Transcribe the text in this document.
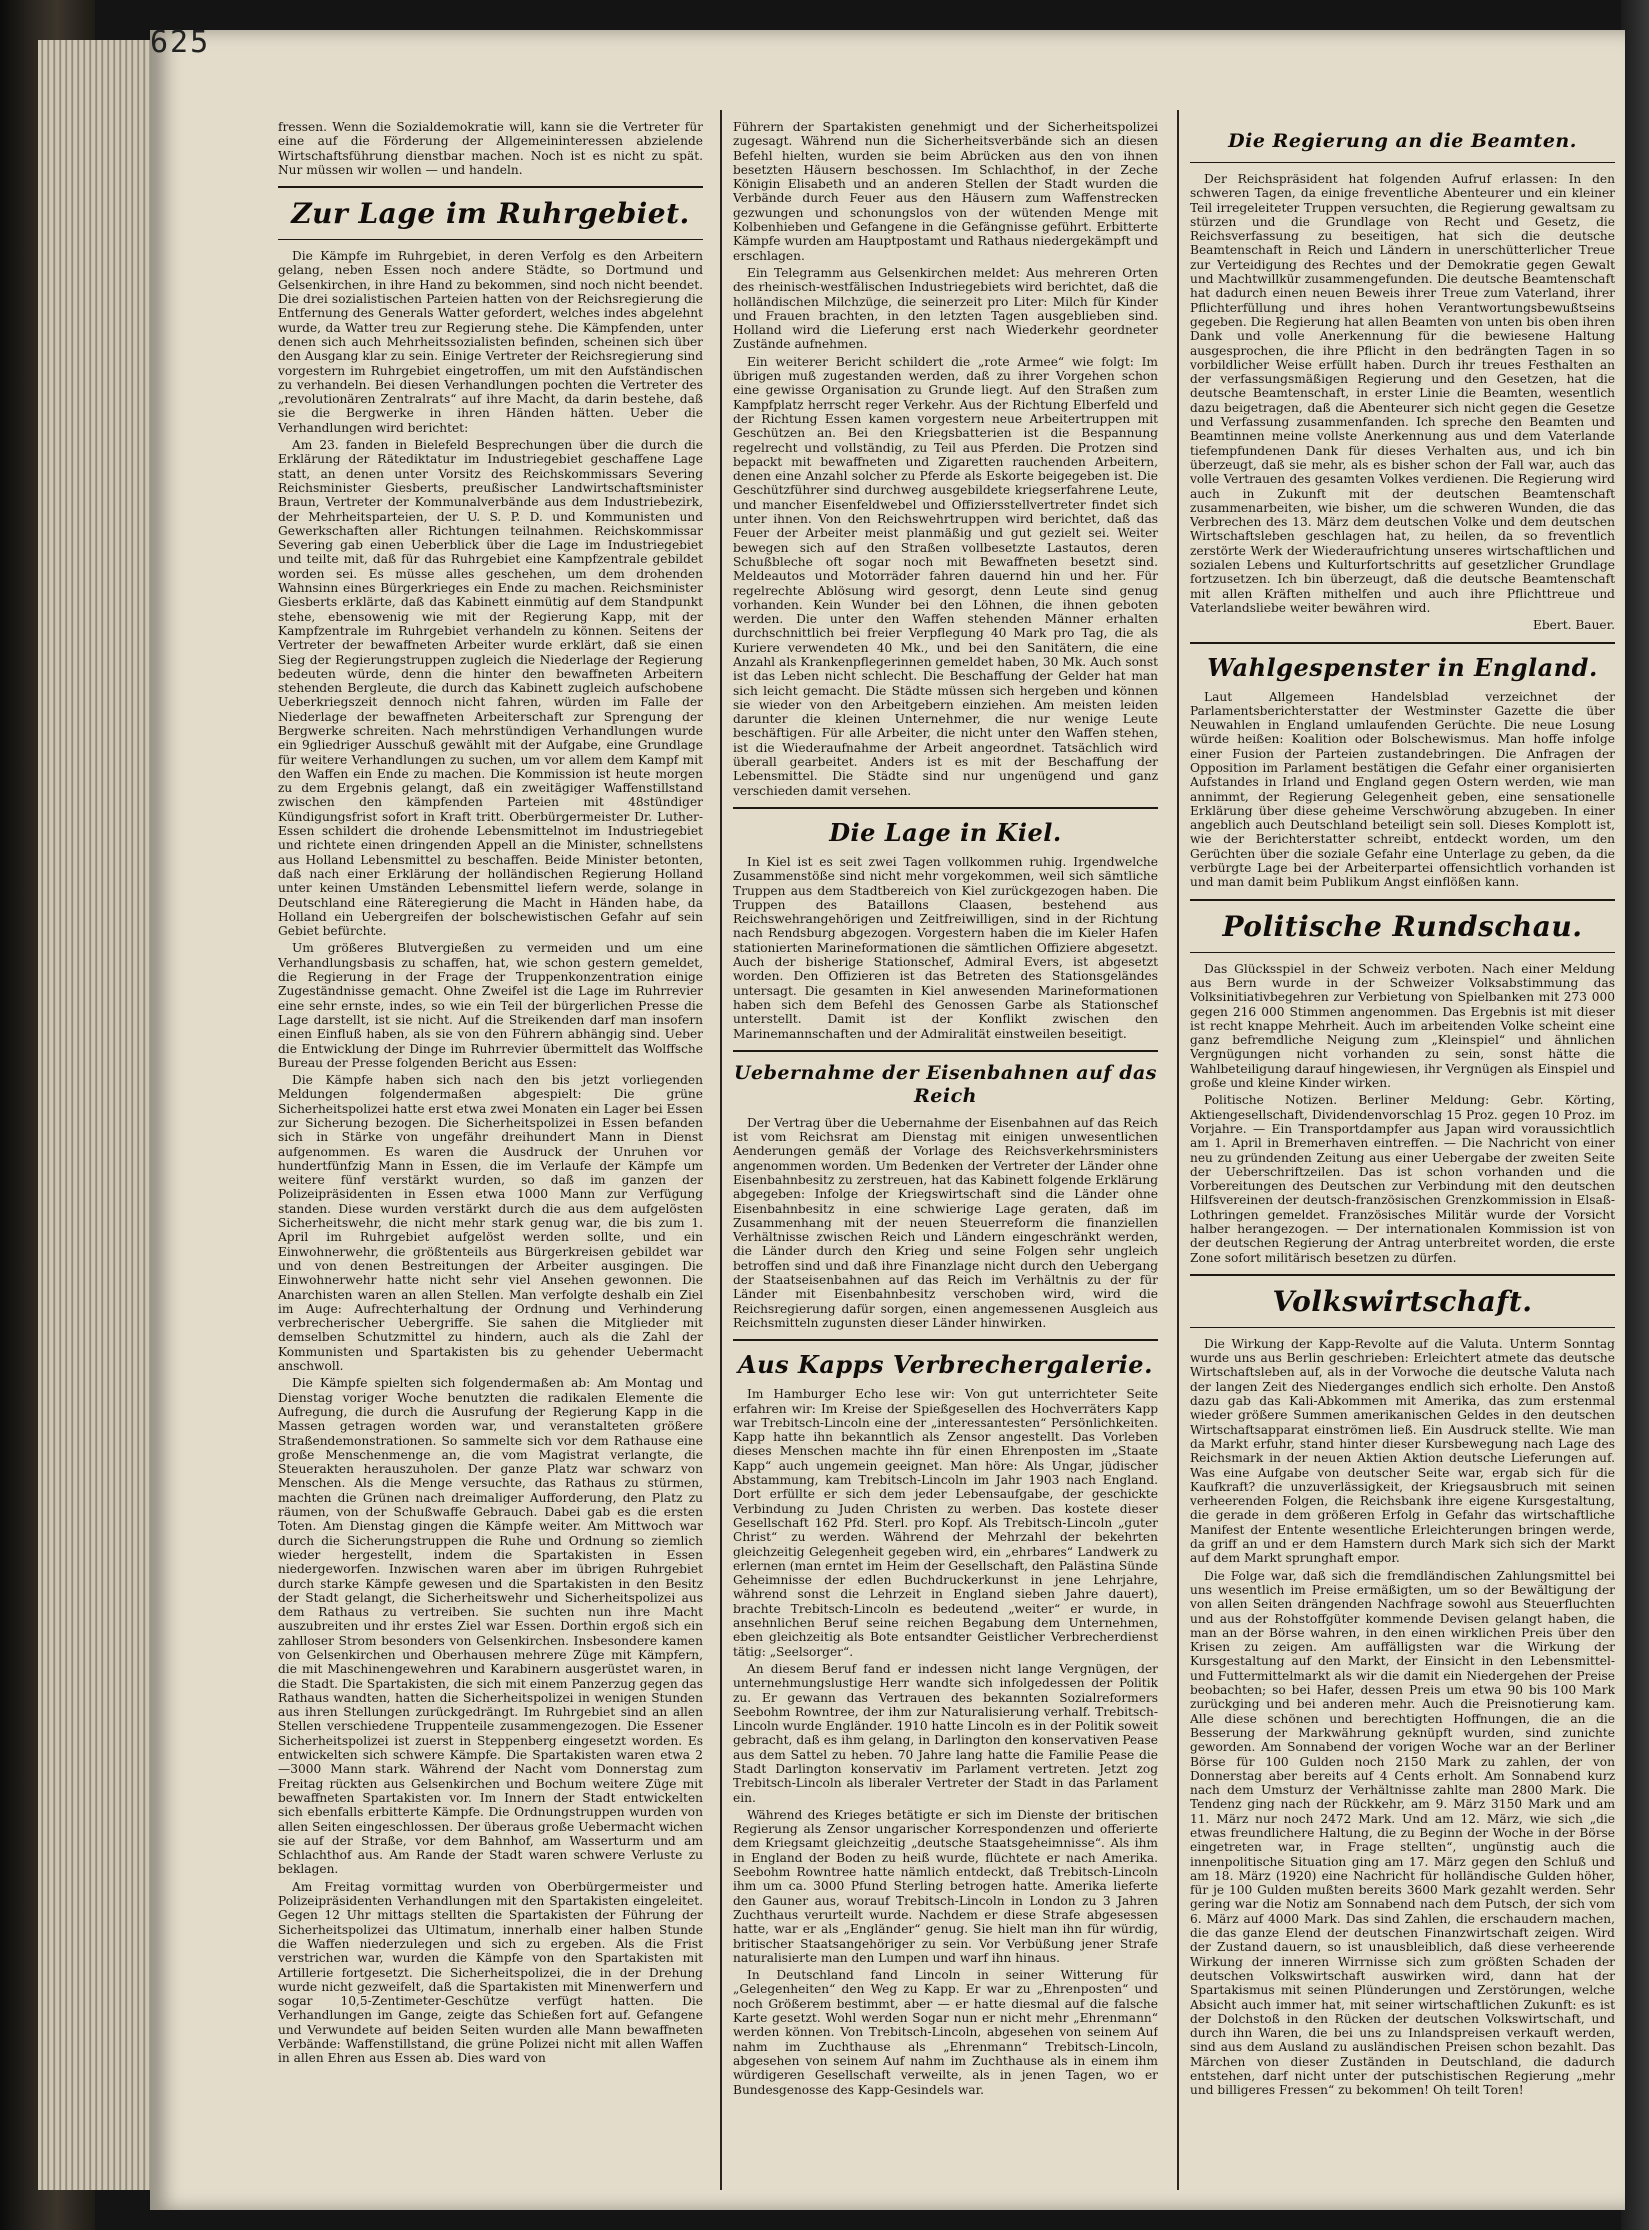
fressen. Wenn die Sozialdemokratie will, kann sie die Vertreter für eine auf die Förderung der Allgemeininteressen abzielende Wirtschaftsführung dienstbar machen. Noch ist es nicht zu spät. Nur müssen wir wollen — und handeln.

Zur Lage im Ruhrgebiet.

Die Kämpfe im Ruhrgebiet, in deren Verfolg es den Arbeitern gelang, neben Essen noch andere Städte, so Dortmund und Gelsenkirchen, in ihre Hand zu bekommen, sind noch nicht beendet. Die drei sozialistischen Parteien hatten von der Reichsregierung die Entfernung des Generals Watter gefordert, welches indes abgelehnt wurde, da Watter treu zur Regierung stehe. Die Kämpfenden, unter denen sich auch Mehrheitssozialisten befinden, scheinen sich über den Ausgang klar zu sein. Einige Vertreter der Reichsregierung sind vorgestern im Ruhrgebiet eingetroffen, um mit den Aufständischen zu verhandeln. Bei diesen Verhandlungen pochten die Vertreter des „revolutionären Zentralrats“ auf ihre Macht, da darin bestehe, daß sie die Bergwerke in ihren Händen hätten. Ueber die Verhandlungen wird berichtet:

Am 23. fanden in Bielefeld Besprechungen über die durch die Erklärung der Rätediktatur im Industriegebiet geschaffene Lage statt, an denen unter Vorsitz des Reichskommissars Severing Reichsminister Giesberts, preußischer Landwirtschaftsminister Braun, Vertreter der Kommunalverbände aus dem Industriebezirk, der Mehrheitsparteien, der U. S. P. D. und Kommunisten und Gewerkschaften aller Richtungen teilnahmen. Reichskommissar Severing gab einen Ueberblick über die Lage im Industriegebiet und teilte mit, daß für das Ruhrgebiet eine Kampfzentrale gebildet worden sei. Es müsse alles geschehen, um dem drohenden Wahnsinn eines Bürgerkrieges ein Ende zu machen. Reichsminister Giesberts erklärte, daß das Kabinett einmütig auf dem Standpunkt stehe, ebensowenig wie mit der Regierung Kapp, mit der Kampfzentrale im Ruhrgebiet verhandeln zu können. Seitens der Vertreter der bewaffneten Arbeiter wurde erklärt, daß sie einen Sieg der Regierungstruppen zugleich die Niederlage der Regierung bedeuten würde, denn die hinter den bewaffneten Arbeitern stehenden Bergleute, die durch das Kabinett zugleich aufschobene Ueberkriegszeit dennoch nicht fahren, würden im Falle der Niederlage der bewaffneten Arbeiterschaft zur Sprengung der Bergwerke schreiten. Nach mehrstündigen Verhandlungen wurde ein 9gliedriger Ausschuß gewählt mit der Aufgabe, eine Grundlage für weitere Verhandlungen zu suchen, um vor allem dem Kampf mit den Waffen ein Ende zu machen. Die Kommission ist heute morgen zu dem Ergebnis gelangt, daß ein zweitägiger Waffenstillstand zwischen den kämpfenden Parteien mit 48stündiger Kündigungsfrist sofort in Kraft tritt. Oberbürgermeister Dr. Luther-Essen schildert die drohende Lebensmittelnot im Industriegebiet und richtete einen dringenden Appell an die Minister, schnellstens aus Holland Lebensmittel zu beschaffen. Beide Minister betonten, daß nach einer Erklärung der holländischen Regierung Holland unter keinen Umständen Lebensmittel liefern werde, solange in Deutschland eine Räteregierung die Macht in Händen habe, da Holland ein Uebergreifen der bolschewistischen Gefahr auf sein Gebiet befürchte.

Um größeres Blutvergießen zu vermeiden und um eine Verhandlungsbasis zu schaffen, hat, wie schon gestern gemeldet, die Regierung in der Frage der Truppenkonzentration einige Zugeständnisse gemacht. Ohne Zweifel ist die Lage im Ruhrrevier eine sehr ernste, indes, so wie ein Teil der bürgerlichen Presse die Lage darstellt, ist sie nicht. Auf die Streikenden darf man insofern einen Einfluß haben, als sie von den Führern abhängig sind. Ueber die Entwicklung der Dinge im Ruhrrevier übermittelt das Wolffsche Bureau der Presse folgenden Bericht aus Essen:

Die Kämpfe haben sich nach den bis jetzt vorliegenden Meldungen folgendermaßen abgespielt: Die grüne Sicherheitspolizei hatte erst etwa zwei Monaten ein Lager bei Essen zur Sicherung bezogen. Die Sicherheitspolizei in Essen befanden sich in Stärke von ungefähr dreihundert Mann in Dienst aufgenommen. Es waren die Ausdruck der Unruhen vor hundertfünfzig Mann in Essen, die im Verlaufe der Kämpfe um weitere fünf verstärkt wurden, so daß im ganzen der Polizeipräsidenten in Essen etwa 1000 Mann zur Verfügung standen. Diese wurden verstärkt durch die aus dem aufgelösten Sicherheitswehr, die nicht mehr stark genug war, die bis zum 1. April im Ruhrgebiet aufgelöst werden sollte, und ein Einwohnerwehr, die größtenteils aus Bürgerkreisen gebildet war und von denen Bestreitungen der Arbeiter ausgingen. Die Einwohnerwehr hatte nicht sehr viel Ansehen gewonnen. Die Anarchisten waren an allen Stellen. Man verfolgte deshalb ein Ziel im Auge: Aufrechterhaltung der Ordnung und Verhinderung verbrecherischer Uebergriffe. Sie sahen die Mitglieder mit demselben Schutzmittel zu hindern, auch als die Zahl der Kommunisten und Spartakisten bis zu gehender Uebermacht anschwoll.

Die Kämpfe spielten sich folgendermaßen ab: Am Montag und Dienstag voriger Woche benutzten die radikalen Elemente die Aufregung, die durch die Ausrufung der Regierung Kapp in die Massen getragen worden war, und veranstalteten größere Straßendemonstrationen. So sammelte sich vor dem Rathause eine große Menschenmenge an, die vom Magistrat verlangte, die Steuerakten herauszuholen. Der ganze Platz war schwarz von Menschen. Als die Menge versuchte, das Rathaus zu stürmen, machten die Grünen nach dreimaliger Aufforderung, den Platz zu räumen, von der Schußwaffe Gebrauch. Dabei gab es die ersten Toten. Am Dienstag gingen die Kämpfe weiter. Am Mittwoch war durch die Sicherungstruppen die Ruhe und Ordnung so ziemlich wieder hergestellt, indem die Spartakisten in Essen niedergeworfen. Inzwischen waren aber im übrigen Ruhrgebiet durch starke Kämpfe gewesen und die Spartakisten in den Besitz der Stadt gelangt, die Sicherheitswehr und Sicherheitspolizei aus dem Rathaus zu vertreiben. Sie suchten nun ihre Macht auszubreiten und ihr erstes Ziel war Essen. Dorthin ergoß sich ein zahlloser Strom besonders von Gelsenkirchen. Insbesondere kamen von Gelsenkirchen und Oberhausen mehrere Züge mit Kämpfern, die mit Maschinengewehren und Karabinern ausgerüstet waren, in die Stadt. Die Spartakisten, die sich mit einem Panzerzug gegen das Rathaus wandten, hatten die Sicherheitspolizei in wenigen Stunden aus ihren Stellungen zurückgedrängt. Im Ruhrgebiet sind an allen Stellen verschiedene Truppenteile zusammengezogen. Die Essener Sicherheitspolizei ist zuerst in Steppenberg eingesetzt worden. Es entwickelten sich schwere Kämpfe. Die Spartakisten waren etwa 2—3000 Mann stark. Während der Nacht vom Donnerstag zum Freitag rückten aus Gelsenkirchen und Bochum weitere Züge mit bewaffneten Spartakisten vor. Im Innern der Stadt entwickelten sich ebenfalls erbitterte Kämpfe. Die Ordnungstruppen wurden von allen Seiten eingeschlossen. Der überaus große Uebermacht wichen sie auf der Straße, vor dem Bahnhof, am Wasserturm und am Schlachthof aus. Am Rande der Stadt waren schwere Verluste zu beklagen.

Am Freitag vormittag wurden von Oberbürgermeister und Polizeipräsidenten Verhandlungen mit den Spartakisten eingeleitet. Gegen 12 Uhr mittags stellten die Spartakisten der Führung der Sicherheitspolizei das Ultimatum, innerhalb einer halben Stunde die Waffen niederzulegen und sich zu ergeben. Als die Frist verstrichen war, wurden die Kämpfe von den Spartakisten mit Artillerie fortgesetzt. Die Sicherheitspolizei, die in der Drehung wurde nicht gezweifelt, daß die Spartakisten mit Minenwerfern und sogar 10,5-Zentimeter-Geschütze verfügt hatten. Die Verhandlungen im Gange, zeigte das Schießen fort auf. Gefangene und Verwundete auf beiden Seiten wurden alle Mann bewaffneten Verbände: Waffenstillstand, die grüne Polizei nicht mit allen Waffen in allen Ehren aus Essen ab. Dies ward von

Führern der Spartakisten genehmigt und der Sicherheitspolizei zugesagt. Während nun die Sicherheitsverbände sich an diesen Befehl hielten, wurden sie beim Abrücken aus den von ihnen besetzten Häusern beschossen. Im Schlachthof, in der Zeche Königin Elisabeth und an anderen Stellen der Stadt wurden die Verbände durch Feuer aus den Häusern zum Waffenstrecken gezwungen und schonungslos von der wütenden Menge mit Kolbenhieben und Gefangene in die Gefängnisse geführt. Erbitterte Kämpfe wurden am Hauptpostamt und Rathaus niedergekämpft und erschlagen.

Ein Telegramm aus Gelsenkirchen meldet: Aus mehreren Orten des rheinisch-westfälischen Industriegebiets wird berichtet, daß die holländischen Milchzüge, die seinerzeit pro Liter: Milch für Kinder und Frauen brachten, in den letzten Tagen ausgeblieben sind. Holland wird die Lieferung erst nach Wiederkehr geordneter Zustände aufnehmen.

Ein weiterer Bericht schildert die „rote Armee“ wie folgt: Im übrigen muß zugestanden werden, daß zu ihrer Vorgehen schon eine gewisse Organisation zu Grunde liegt. Auf den Straßen zum Kampfplatz herrscht reger Verkehr. Aus der Richtung Elberfeld und der Richtung Essen kamen vorgestern neue Arbeitertruppen mit Geschützen an. Bei den Kriegsbatterien ist die Bespannung regelrecht und vollständig, zu Teil aus Pferden. Die Protzen sind bepackt mit bewaffneten und Zigaretten rauchenden Arbeitern, denen eine Anzahl solcher zu Pferde als Eskorte beigegeben ist. Die Geschützführer sind durchweg ausgebildete kriegserfahrene Leute, und mancher Eisenfeldwebel und Offiziersstellvertreter findet sich unter ihnen. Von den Reichswehrtruppen wird berichtet, daß das Feuer der Arbeiter meist planmäßig und gut gezielt sei. Weiter bewegen sich auf den Straßen vollbesetzte Lastautos, deren Schußbleche oft sogar noch mit Bewaffneten besetzt sind. Meldeautos und Motorräder fahren dauernd hin und her. Für regelrechte Ablösung wird gesorgt, denn Leute sind genug vorhanden. Kein Wunder bei den Löhnen, die ihnen geboten werden. Die unter den Waffen stehenden Männer erhalten durchschnittlich bei freier Verpflegung 40 Mark pro Tag, die als Kuriere verwendeten 40 Mk., und bei den Sanitätern, die eine Anzahl als Krankenpflegerinnen gemeldet haben, 30 Mk. Auch sonst ist das Leben nicht schlecht. Die Beschaffung der Gelder hat man sich leicht gemacht. Die Städte müssen sich hergeben und können sie wieder von den Arbeitgebern einziehen. Am meisten leiden darunter die kleinen Unternehmer, die nur wenige Leute beschäftigen. Für alle Arbeiter, die nicht unter den Waffen stehen, ist die Wiederaufnahme der Arbeit angeordnet. Tatsächlich wird überall gearbeitet. Anders ist es mit der Beschaffung der Lebensmittel. Die Städte sind nur ungenügend und ganz verschieden damit versehen.

Die Lage in Kiel.

In Kiel ist es seit zwei Tagen vollkommen ruhig. Irgendwelche Zusammenstöße sind nicht mehr vorgekommen, weil sich sämtliche Truppen aus dem Stadtbereich von Kiel zurückgezogen haben. Die Truppen des Bataillons Claasen, bestehend aus Reichswehrangehörigen und Zeitfreiwilligen, sind in der Richtung nach Rendsburg abgezogen. Vorgestern haben die im Kieler Hafen stationierten Marineformationen die sämtlichen Offiziere abgesetzt. Auch der bisherige Stationschef, Admiral Evers, ist abgesetzt worden. Den Offizieren ist das Betreten des Stationsgeländes untersagt. Die gesamten in Kiel anwesenden Marineformationen haben sich dem Befehl des Genossen Garbe als Stationschef unterstellt. Damit ist der Konflikt zwischen den Marinemannschaften und der Admiralität einstweilen beseitigt.

Uebernahme der Eisenbahnen auf das Reich

Der Vertrag über die Uebernahme der Eisenbahnen auf das Reich ist vom Reichsrat am Dienstag mit einigen unwesentlichen Aenderungen gemäß der Vorlage des Reichsverkehrsministers angenommen worden. Um Bedenken der Vertreter der Länder ohne Eisenbahnbesitz zu zerstreuen, hat das Kabinett folgende Erklärung abgegeben: Infolge der Kriegswirtschaft sind die Länder ohne Eisenbahnbesitz in eine schwierige Lage geraten, daß im Zusammenhang mit der neuen Steuerreform die finanziellen Verhältnisse zwischen Reich und Ländern eingeschränkt werden, die Länder durch den Krieg und seine Folgen sehr ungleich betroffen sind und daß ihre Finanzlage nicht durch den Uebergang der Staatseisenbahnen auf das Reich im Verhältnis zu der für Länder mit Eisenbahnbesitz verschoben wird, wird die Reichsregierung dafür sorgen, einen angemessenen Ausgleich aus Reichsmitteln zugunsten dieser Länder hinwirken.

Aus Kapps Verbrechergalerie.

Im Hamburger Echo lese wir: Von gut unterrichteter Seite erfahren wir: Im Kreise der Spießgesellen des Hochverräters Kapp war Trebitsch-Lincoln eine der „interessantesten“ Persönlichkeiten. Kapp hatte ihn bekanntlich als Zensor angestellt. Das Vorleben dieses Menschen machte ihn für einen Ehrenposten im „Staate Kapp“ auch ungemein geeignet. Man höre: Als Ungar, jüdischer Abstammung, kam Trebitsch-Lincoln im Jahr 1903 nach England. Dort erfüllte er sich dem jeder Lebensaufgabe, der geschickte Verbindung zu Juden Christen zu werben. Das kostete dieser Gesellschaft 162 Pfd. Sterl. pro Kopf. Als Trebitsch-Lincoln „guter Christ“ zu werden. Während der Mehrzahl der bekehrten gleichzeitig Gelegenheit gegeben wird, ein „ehrbares“ Landwerk zu erlernen (man erntet im Heim der Gesellschaft, den Palästina Sünde Geheimnisse der edlen Buchdruckerkunst in jene Lehrjahre, während sonst die Lehrzeit in England sieben Jahre dauert), brachte Trebitsch-Lincoln es bedeutend „weiter“ er wurde, in ansehnlichen Beruf seine reichen Begabung dem Unternehmen, eben gleichzeitig als Bote entsandter Geistlicher Verbrecherdienst tätig: „Seelsorger“.

An diesem Beruf fand er indessen nicht lange Vergnügen, der unternehmungslustige Herr wandte sich infolgedessen der Politik zu. Er gewann das Vertrauen des bekannten Sozialreformers Seebohm Rowntree, der ihm zur Naturalisierung verhalf. Trebitsch-Lincoln wurde Engländer. 1910 hatte Lincoln es in der Politik soweit gebracht, daß es ihm gelang, in Darlington den konservativen Pease aus dem Sattel zu heben. 70 Jahre lang hatte die Familie Pease die Stadt Darlington konservativ im Parlament vertreten. Jetzt zog Trebitsch-Lincoln als liberaler Vertreter der Stadt in das Parlament ein.

Während des Krieges betätigte er sich im Dienste der britischen Regierung als Zensor ungarischer Korrespondenzen und offerierte dem Kriegsamt gleichzeitig „deutsche Staatsgeheimnisse“. Als ihm in England der Boden zu heiß wurde, flüchtete er nach Amerika. Seebohm Rowntree hatte nämlich entdeckt, daß Trebitsch-Lincoln ihm um ca. 3000 Pfund Sterling betrogen hatte. Amerika lieferte den Gauner aus, worauf Trebitsch-Lincoln in London zu 3 Jahren Zuchthaus verurteilt wurde. Nachdem er diese Strafe abgesessen hatte, war er als „Engländer“ genug. Sie hielt man ihn für würdig, britischer Staatsangehöriger zu sein. Vor Verbüßung jener Strafe naturalisierte man den Lumpen und warf ihn hinaus.

In Deutschland fand Lincoln in seiner Witterung für „Gelegenheiten“ den Weg zu Kapp. Er war zu „Ehrenposten“ und noch Größerem bestimmt, aber — er hatte diesmal auf die falsche Karte gesetzt. Wohl werden Sogar nun er nicht mehr „Ehrenmann“ werden können. Von Trebitsch-Lincoln, abgesehen von seinem Auf nahm im Zuchthause als „Ehrenmann“ Trebitsch-Lincoln, abgesehen von seinem Auf nahm im Zuchthause als in einem ihm würdigeren Gesellschaft verweilte, als in jenen Tagen, wo er Bundesgenosse des Kapp-Gesindels war.

Die Regierung an die Beamten.

Der Reichspräsident hat folgenden Aufruf erlassen: In den schweren Tagen, da einige freventliche Abenteurer und ein kleiner Teil irregeleiteter Truppen versuchten, die Regierung gewaltsam zu stürzen und die Grundlage von Recht und Gesetz, die Reichsverfassung zu beseitigen, hat sich die deutsche Beamtenschaft in Reich und Ländern in unerschütterlicher Treue zur Verteidigung des Rechtes und der Demokratie gegen Gewalt und Machtwillkür zusammengefunden. Die deutsche Beamtenschaft hat dadurch einen neuen Beweis ihrer Treue zum Vaterland, ihrer Pflichterfüllung und ihres hohen Verantwortungsbewußtseins gegeben. Die Regierung hat allen Beamten von unten bis oben ihren Dank und volle Anerkennung für die bewiesene Haltung ausgesprochen, die ihre Pflicht in den bedrängten Tagen in so vorbildlicher Weise erfüllt haben. Durch ihr treues Festhalten an der verfassungsmäßigen Regierung und den Gesetzen, hat die deutsche Beamtenschaft, in erster Linie die Beamten, wesentlich dazu beigetragen, daß die Abenteurer sich nicht gegen die Gesetze und Verfassung zusammenfanden. Ich spreche den Beamten und Beamtinnen meine vollste Anerkennung aus und dem Vaterlande tiefempfundenen Dank für dieses Verhalten aus, und ich bin überzeugt, daß sie mehr, als es bisher schon der Fall war, auch das volle Vertrauen des gesamten Volkes verdienen. Die Regierung wird auch in Zukunft mit der deutschen Beamtenschaft zusammenarbeiten, wie bisher, um die schweren Wunden, die das Verbrechen des 13. März dem deutschen Volke und dem deutschen Wirtschaftsleben geschlagen hat, zu heilen, da so freventlich zerstörte Werk der Wiederaufrichtung unseres wirtschaftlichen und sozialen Lebens und Kulturfortschritts auf gesetzlicher Grundlage fortzusetzen. Ich bin überzeugt, daß die deutsche Beamtenschaft mit allen Kräften mithelfen und auch ihre Pflichttreue und Vaterlandsliebe weiter bewähren wird.

Ebert. Bauer.

Wahlgespenster in England.

Laut Allgemeen Handelsblad verzeichnet der Parlamentsberichterstatter der Westminster Gazette die über Neuwahlen in England umlaufenden Gerüchte. Die neue Losung würde heißen: Koalition oder Bolschewismus. Man hoffe infolge einer Fusion der Parteien zustandebringen. Die Anfragen der Opposition im Parlament bestätigen die Gefahr einer organisierten Aufstandes in Irland und England gegen Ostern werden, wie man annimmt, der Regierung Gelegenheit geben, eine sensationelle Erklärung über diese geheime Verschwörung abzugeben. In einer angeblich auch Deutschland beteiligt sein soll. Dieses Komplott ist, wie der Berichterstatter schreibt, entdeckt worden, um den Gerüchten über die soziale Gefahr eine Unterlage zu geben, da die verbürgte Lage bei der Arbeiterpartei offensichtlich vorhanden ist und man damit beim Publikum Angst einflößen kann.

Politische Rundschau.

Das Glücksspiel in der Schweiz verboten. Nach einer Meldung aus Bern wurde in der Schweizer Volksabstimmung das Volksinitiativbegehren zur Verbietung von Spielbanken mit 273 000 gegen 216 000 Stimmen angenommen. Das Ergebnis ist mit dieser ist recht knappe Mehrheit. Auch im arbeitenden Volke scheint eine ganz befremdliche Neigung zum „Kleinspiel“ und ähnlichen Vergnügungen nicht vorhanden zu sein, sonst hätte die Wahlbeteiligung darauf hingewiesen, ihr Vergnügen als Einspiel und große und kleine Kinder wirken.

Politische Notizen. Berliner Meldung: Gebr. Körting, Aktiengesellschaft, Dividendenvorschlag 15 Proz. gegen 10 Proz. im Vorjahre. — Ein Transportdampfer aus Japan wird voraussichtlich am 1. April in Bremerhaven eintreffen. — Die Nachricht von einer neu zu gründenden Zeitung aus einer Uebergabe der zweiten Seite der Ueberschriftzeilen. Das ist schon vorhanden und die Vorbereitungen des Deutschen zur Verbindung mit den deutschen Hilfsvereinen der deutsch-französischen Grenzkommission in Elsaß-Lothringen gemeldet. Französisches Militär wurde der Vorsicht halber herangezogen. — Der internationalen Kommission ist von der deutschen Regierung der Antrag unterbreitet worden, die erste Zone sofort militärisch besetzen zu dürfen.

Volkswirtschaft.

Die Wirkung der Kapp-Revolte auf die Valuta. Unterm Sonntag wurde uns aus Berlin geschrieben: Erleichtert atmete das deutsche Wirtschaftsleben auf, als in der Vorwoche die deutsche Valuta nach der langen Zeit des Niederganges endlich sich erholte. Den Anstoß dazu gab das Kali-Abkommen mit Amerika, das zum erstenmal wieder größere Summen amerikanischen Geldes in den deutschen Wirtschaftsapparat einströmen ließ. Ein Ausdruck stellte. Wie man da Markt erfuhr, stand hinter dieser Kursbewegung nach Lage des Reichsmark in der neuen Aktien Aktion deutsche Lieferungen auf. Was eine Aufgabe von deutscher Seite war, ergab sich für die Kaufkraft? die unzuverlässigkeit, der Kriegsausbruch mit seinen verheerenden Folgen, die Reichsbank ihre eigene Kursgestaltung, die gerade in dem größeren Erfolg in Gefahr das wirtschaftliche Manifest der Entente wesentliche Erleichterungen bringen werde, da griff an und er dem Hamstern durch Mark sich sich der Markt auf dem Markt sprunghaft empor.

Die Folge war, daß sich die fremdländischen Zahlungsmittel bei uns wesentlich im Preise ermäßigten, um so der Bewältigung der von allen Seiten drängenden Nachfrage sowohl aus Steuerfluchten und aus der Rohstoffgüter kommende Devisen gelangt haben, die man an der Börse wahren, in den einen wirklichen Preis über den Krisen zu zeigen. Am auffälligsten war die Wirkung der Kursgestaltung auf den Markt, der Einsicht in den Lebensmittel- und Futtermittelmarkt als wir die damit ein Niedergehen der Preise beobachten; so bei Hafer, dessen Preis um etwa 90 bis 100 Mark zurückging und bei anderen mehr. Auch die Preisnotierung kam. Alle diese schönen und berechtigten Hoffnungen, die an die Besserung der Markwährung geknüpft wurden, sind zunichte geworden. Am Sonnabend der vorigen Woche war an der Berliner Börse für 100 Gulden noch 2150 Mark zu zahlen, der von Donnerstag aber bereits auf 4 Cents erholt. Am Sonnabend kurz nach dem Umsturz der Verhältnisse zahlte man 2800 Mark. Die Tendenz ging nach der Rückkehr, am 9. März 3150 Mark und am 11. März nur noch 2472 Mark. Und am 12. März, wie sich „die etwas freundlichere Haltung, die zu Beginn der Woche in der Börse eingetreten war, in Frage stellten“, ungünstig auch die innenpolitische Situation ging am 17. März gegen den Schluß und am 18. März (1920) eine Nachricht für holländische Gulden höher, für je 100 Gulden mußten bereits 3600 Mark gezahlt werden. Sehr gering war die Notiz am Sonnabend nach dem Putsch, der sich vom 6. März auf 4000 Mark. Das sind Zahlen, die erschaudern machen, die das ganze Elend der deutschen Finanzwirtschaft zeigen. Wird der Zustand dauern, so ist unausbleiblich, daß diese verheerende Wirkung der inneren Wirrnisse sich zum größten Schaden der deutschen Volkswirtschaft auswirken wird, dann hat der Spartakismus mit seinen Plünderungen und Zerstörungen, welche Absicht auch immer hat, mit seiner wirtschaftlichen Zukunft: es ist der Dolchstoß in den Rücken der deutschen Volkswirtschaft, und durch ihn Waren, die bei uns zu Inlandspreisen verkauft werden, sind aus dem Ausland zu ausländischen Preisen schon bezahlt. Das Märchen von dieser Zuständen in Deutschland, die dadurch entstehen, darf nicht unter der putschistischen Regierung „mehr und billigeres Fressen“ zu bekommen! Oh teilt Toren!

625
